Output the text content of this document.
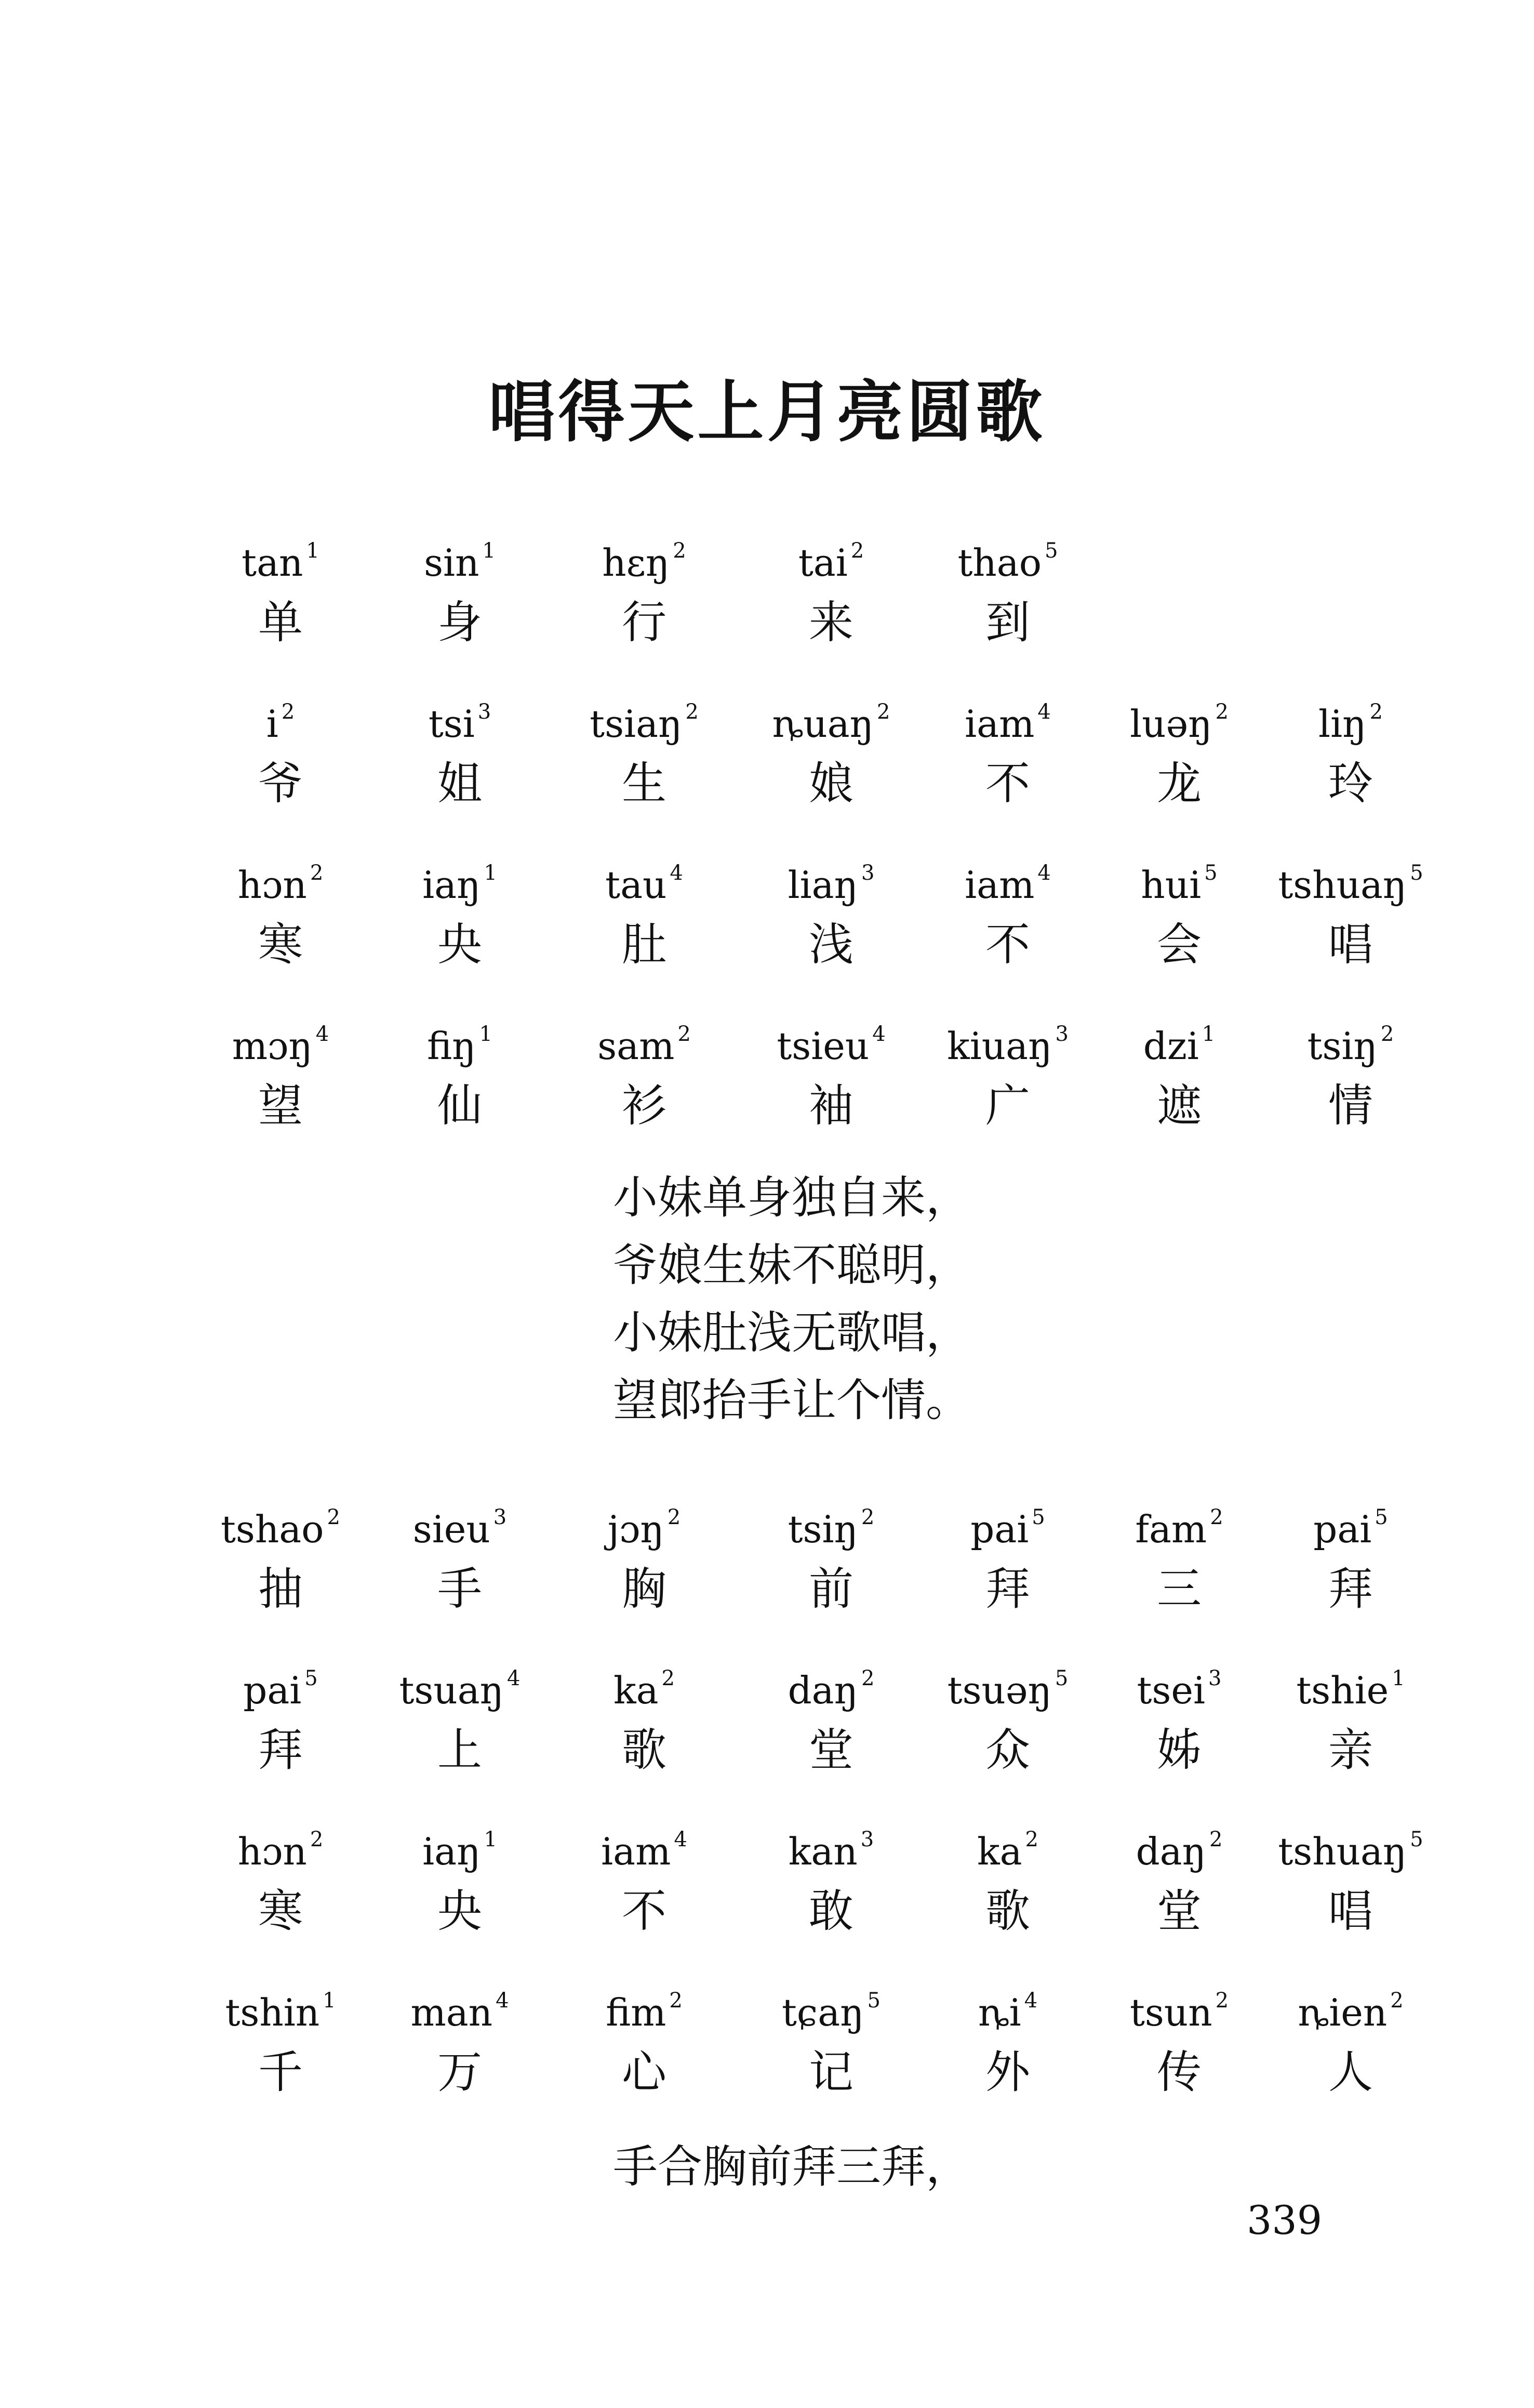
唱得天上月亮圆歌
tan $^1$
单
sin $^1$
身
hɛŋ $^2$
行
tai $^2$
来
thao $^5$
到
i $^2$
爷
tsi $^3$
姐
tsiaŋ $^2$
生
ȵuaŋ $^2$
娘
iam $^4$
不
luəŋ $^2$
龙
liŋ $^2$
玲
hɔn $^2$
寒
iaŋ $^1$
央
tau $^4$
肚
liaŋ $^3$
浅
iam $^4$
不
hui $^5$
会
tshuaŋ $^5$
唱
mɔŋ $^4$
望
fiŋ $^1$
仙
sam $^2$
衫
tsieu $^4$
袖
kiuaŋ $^3$
广
dzi $^1$
遮
tsiŋ $^2$
情
小妹单身独自来，
爷娘生妹不聪明，
小妹肚浅无歌唱，
望郎抬手让个情。
tshao $^2$
抽
sieu $^3$
手
jɔŋ $^2$
胸
tsiŋ $^2$
前
pai $^5$
拜
fam $^2$
三
pai $^5$
拜
pai $^5$
拜
tsuaŋ $^4$
上
ka $^2$
歌
daŋ $^2$
堂
tsuəŋ $^5$
众
tsei $^3$
姊
tshie $^1$
亲
hɔn $^2$
寒
iaŋ $^1$
央
iam $^4$
不
kan $^3$
敢
ka $^2$
歌
daŋ $^2$
堂
tshuaŋ $^5$
唱
tshin $^1$
千
man $^4$
万
fim $^2$
心
tɕaŋ $^5$
记
ȵi $^4$
外
tsun $^2$
传
ȵien $^2$
人
手合胸前拜三拜，
339
